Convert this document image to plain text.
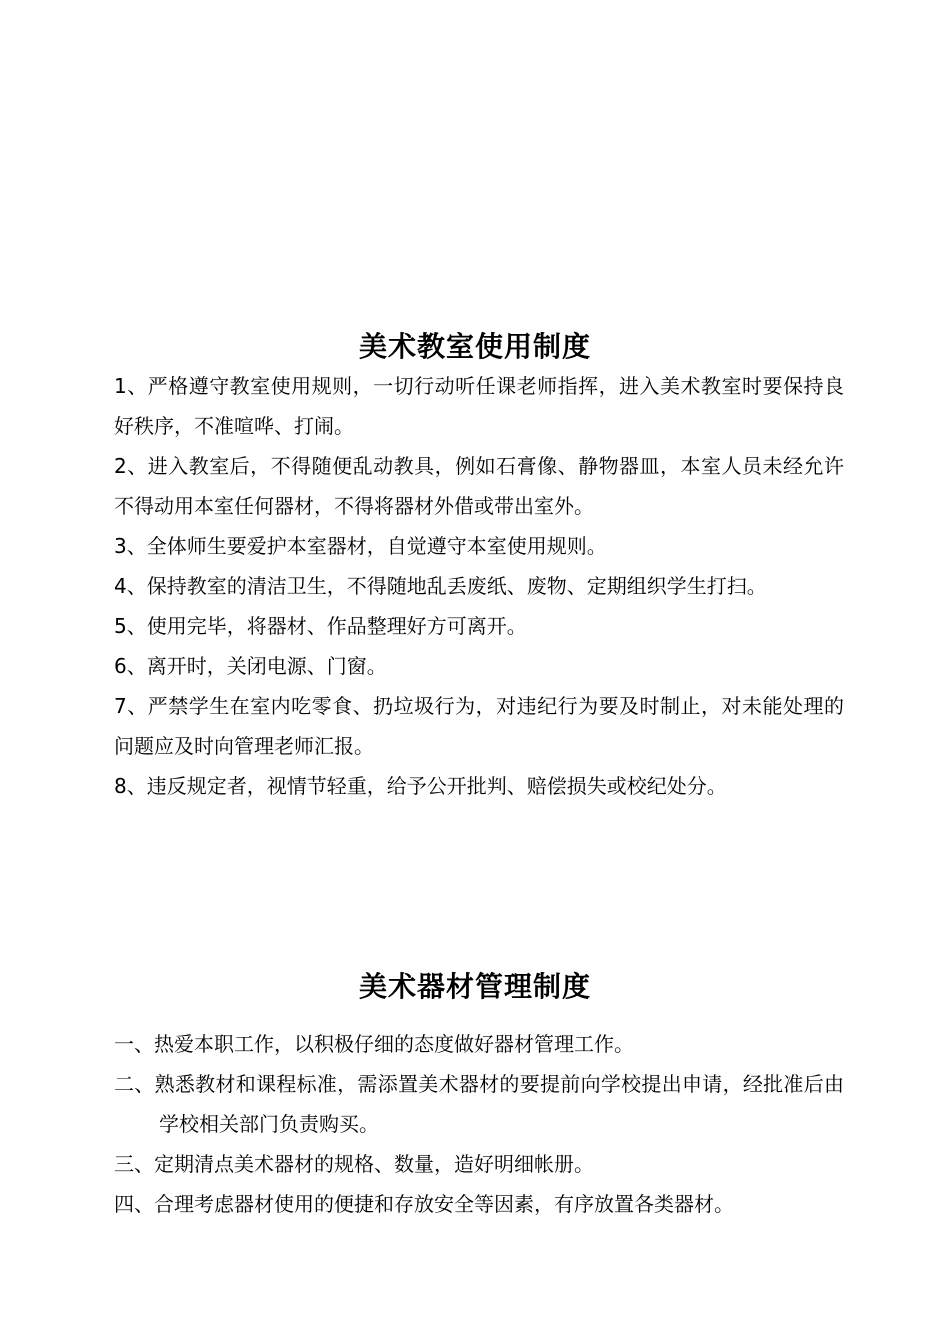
美术教室使用制度

1、严格遵守教室使用规则，一切行动听任课老师指挥，进入美术教室时要保持良好秩序，不准喧哗、打闹。

2、进入教室后，不得随便乱动教具，例如石膏像、静物器皿，本室人员未经允许不得动用本室任何器材，不得将器材外借或带出室外。

3、全体师生要爱护本室器材，自觉遵守本室使用规则。

4、保持教室的清洁卫生，不得随地乱丢废纸、废物、定期组织学生打扫。

5、使用完毕，将器材、作品整理好方可离开。

6、离开时，关闭电源、门窗。

7、严禁学生在室内吃零食、扔垃圾行为，对违纪行为要及时制止，对未能处理的问题应及时向管理老师汇报。

8、违反规定者，视情节轻重，给予公开批判、赔偿损失或校纪处分。

美术器材管理制度

一、热爱本职工作，以积极仔细的态度做好器材管理工作。

二、熟悉教材和课程标准，需添置美术器材的要提前向学校提出申请，经批准后由学校相关部门负责购买。

三、定期清点美术器材的规格、数量，造好明细帐册。

四、合理考虑器材使用的便捷和存放安全等因素，有序放置各类器材。
